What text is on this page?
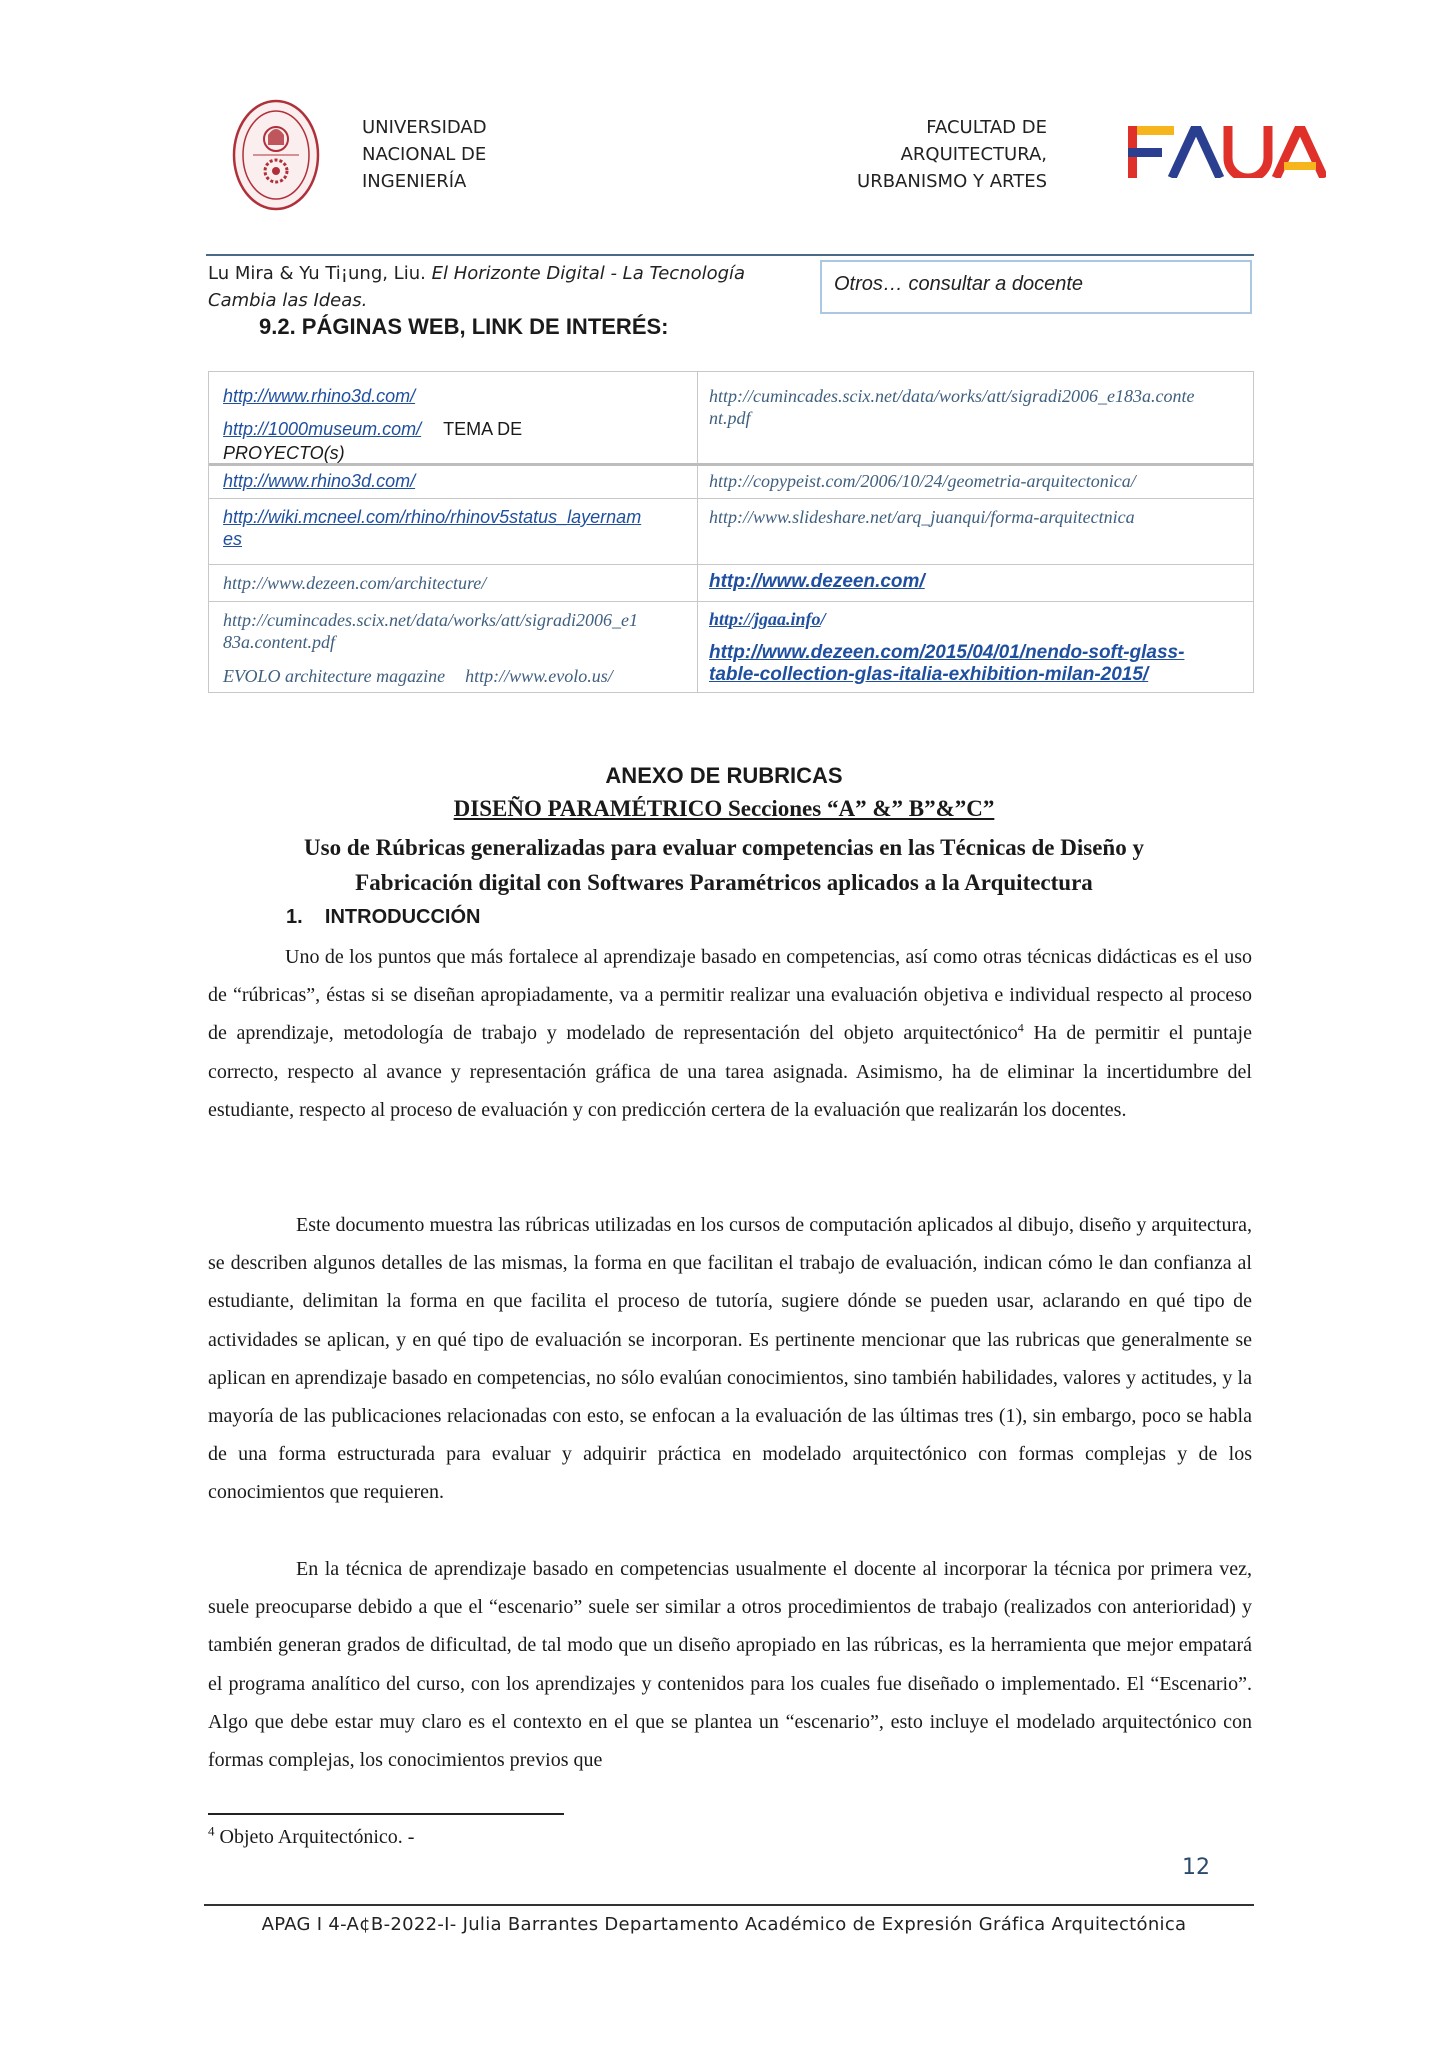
UNIVERSIDAD
NACIONAL DE
INGENIERÍA
FACULTAD DE
ARQUITECTURA,
URBANISMO Y ARTES
Lu Mira & Yu Ti¡ung, Liu. El Horizonte Digital - La Tecnología
Cambia las Ideas.
Otros… consultar a docente
9.2. PÁGINAS WEB, LINK DE INTERÉS:
http://www.rhino3d.com/
http://1000museum.com/ TEMA DE
PROYECTO(s)
http://cumincades.scix.net/data/works/att/sigradi2006_e183a.conte
nt.pdf
http://www.rhino3d.com/	http://copypeist.com/2006/10/24/geometria-arquitectonica/
http://wiki.mcneel.com/rhino/rhinov5status_layernam
es
http://www.slideshare.net/arq_juanqui/forma-arquitectnica
http://www.dezeen.com/architecture/	http://www.dezeen.com/
http://cumincades.scix.net/data/works/att/sigradi2006_e1
83a.content.pdf
EVOLO architecture magazine http://www.evolo.us/
http://jgaa.info/
http://www.dezeen.com/2015/04/01/nendo-soft-glass-
table-collection-glas-italia-exhibition-milan-2015/
ANEXO DE RUBRICAS
DISEÑO PARAMÉTRICO Secciones “A” &” B”&”C”
Uso de Rúbricas generalizadas para evaluar competencias en las Técnicas de Diseño y
Fabricación digital con Softwares Paramétricos aplicados a la Arquitectura
1.    INTRODUCCIÓN
Uno de los puntos que más fortalece al aprendizaje basado en competencias, así como otras técnicas didácticas es el uso de “rúbricas”, éstas si se diseñan apropiadamente, va a permitir realizar una evaluación objetiva e individual respecto al proceso de aprendizaje, metodología de trabajo y modelado de representación del objeto arquitectónico$^4$ Ha de permitir el puntaje correcto, respecto al avance y representación gráfica de una tarea asignada. Asimismo, ha de eliminar la incertidumbre del estudiante, respecto al proceso de evaluación y con predicción certera de la evaluación que realizarán los docentes.
Este documento muestra las rúbricas utilizadas en los cursos de computación aplicados al dibujo, diseño y arquitectura, se describen algunos detalles de las mismas, la forma en que facilitan el trabajo de evaluación, indican cómo le dan confianza al estudiante, delimitan la forma en que facilita el proceso de tutoría, sugiere dónde se pueden usar, aclarando en qué tipo de actividades se aplican, y en qué tipo de evaluación se incorporan. Es pertinente mencionar que las rubricas que generalmente se aplican en aprendizaje basado en competencias, no sólo evalúan conocimientos, sino también habilidades, valores y actitudes, y la mayoría de las publicaciones relacionadas con esto, se enfocan a la evaluación de las últimas tres (1), sin embargo, poco se habla de una forma estructurada para evaluar y adquirir práctica en modelado arquitectónico con formas complejas y de los conocimientos que requieren.
En la técnica de aprendizaje basado en competencias usualmente el docente al incorporar la técnica por primera vez, suele preocuparse debido a que el “escenario” suele ser similar a otros procedimientos de trabajo (realizados con anterioridad) y también generan grados de dificultad, de tal modo que un diseño apropiado en las rúbricas, es la herramienta que mejor empatará el programa analítico del curso, con los aprendizajes y contenidos para los cuales fue diseñado o implementado. El “Escenario”. Algo que debe estar muy claro es el contexto en el que se plantea un “escenario”, esto incluye el modelado arquitectónico con formas complejas, los conocimientos previos que
$^4$ Objeto Arquitectónico. -
12
APAG I 4-A¢B-2022-I- Julia Barrantes Departamento Académico de Expresión Gráfica Arquitectónica
